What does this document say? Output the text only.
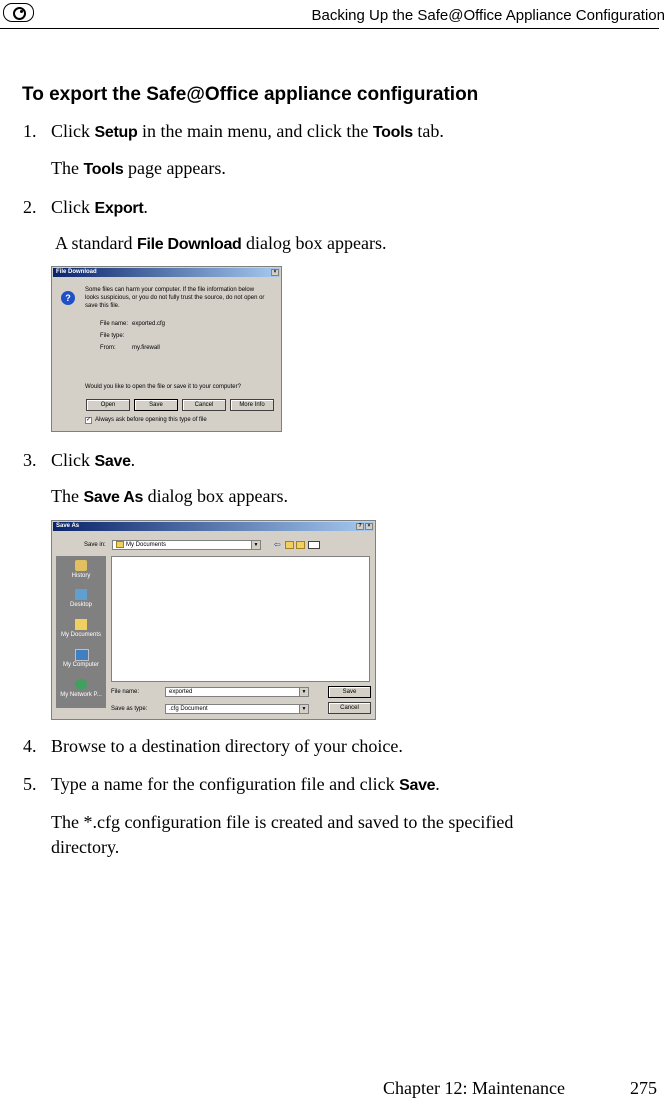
Backing Up the Safe@Office Appliance Configuration
To export the Safe@Office appliance configuration
1. Click Setup in the main menu, and click the Tools tab.
The Tools page appears.
2. Click Export.
A standard File Download dialog box appears.
File Download	×
?
Some files can harm your computer. If the file information below
looks suspicious, or you do not fully trust the source, do not open or
save this file.
File name: exported.cfg
File type:
From:	my.firewall
Would you like to open the file or save it to your computer?
Open	Save	Cancel	More Info
✓ Always ask before opening this type of file
3. Click Save.
The Save As dialog box appears.
Save As	?	×
Save in:	My Documents	▼ ⇦
History
Desktop
My Documents
My Computer
My Network P...	File name:	exported	▼
Save as type:	.cfg Document	▼
Save
Cancel
4. Browse to a destination directory of your choice.
5. Type a name for the configuration file and click Save.
The *.cfg configuration file is created and saved to the specified
directory.
Chapter 12: Maintenance	275
